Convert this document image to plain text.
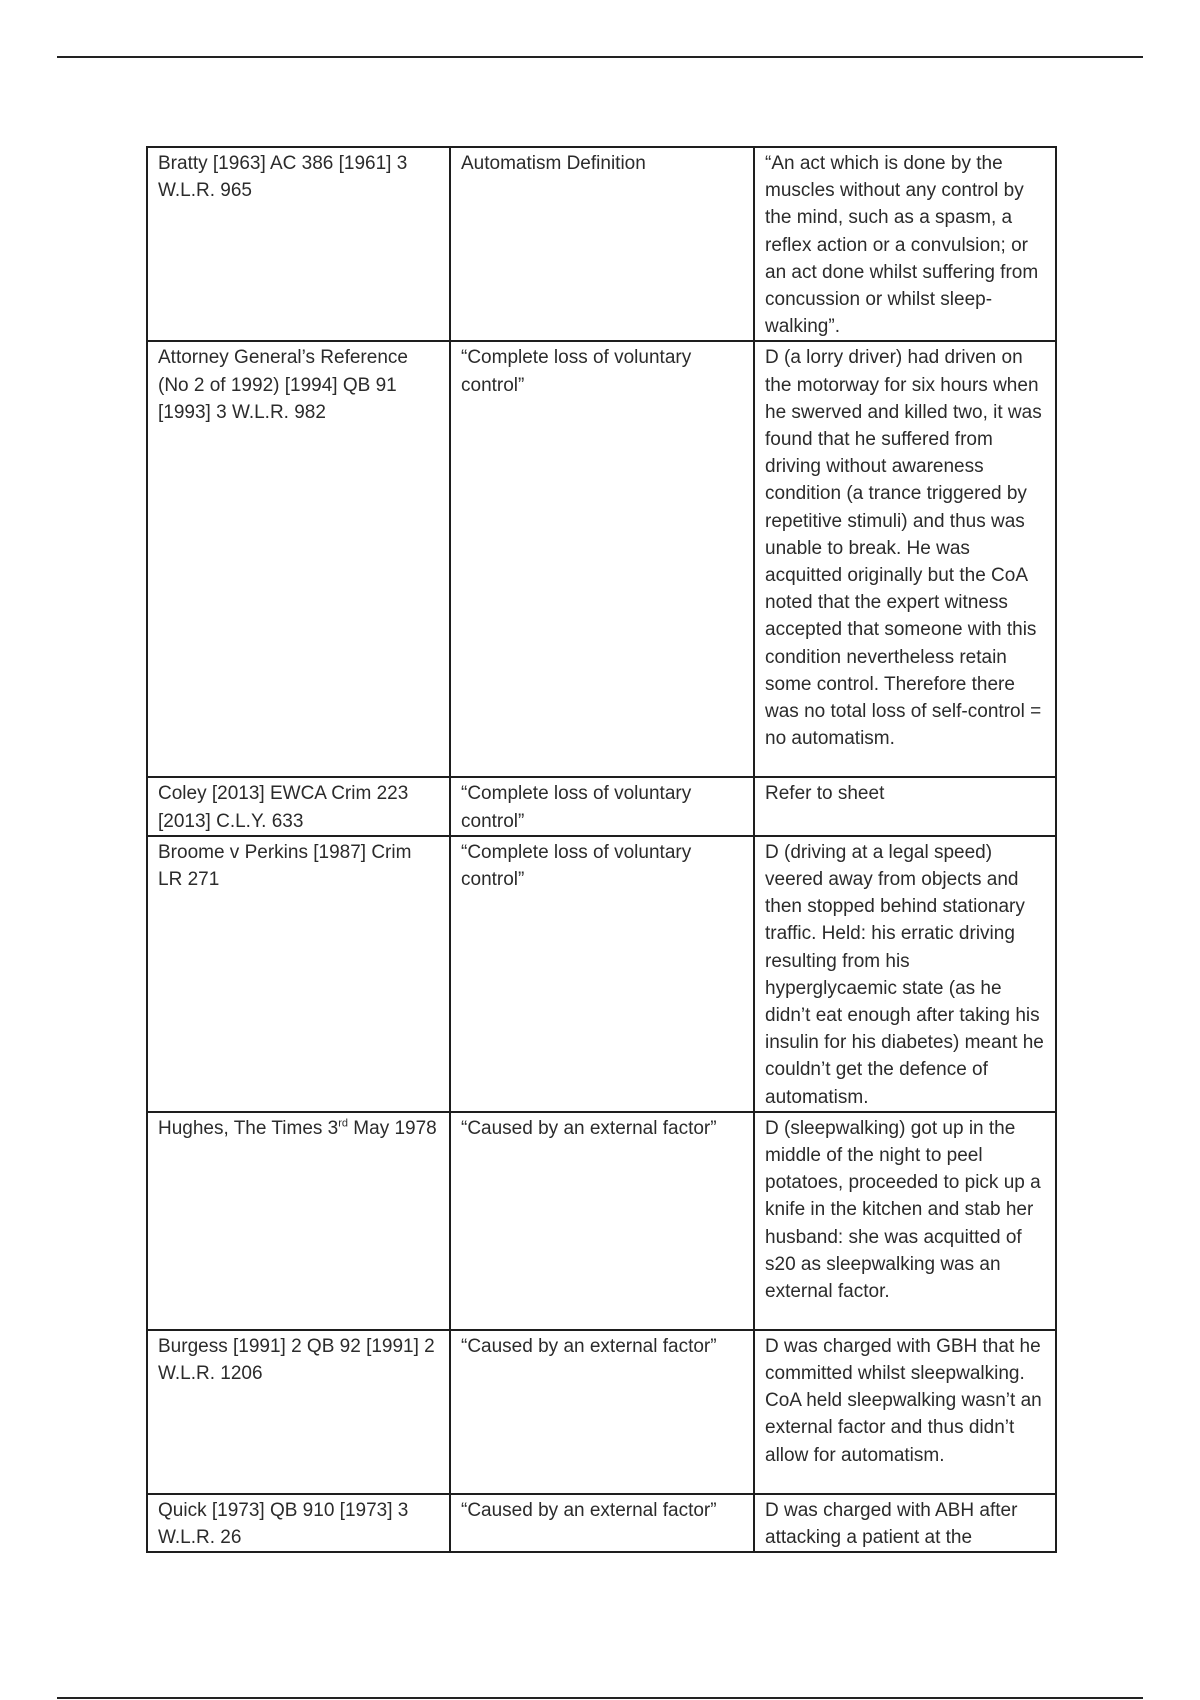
Bratty [1963] AC 386 [1961] 3 W.L.R. 965	Automatism Definition	“An act which is done by the muscles without any control by the mind, such as a spasm, a reflex action or a convulsion; or an act done whilst suffering from concussion or whilst sleep-walking”.
Attorney General’s Reference (No 2 of 1992) [1994] QB 91 [1993] 3 W.L.R. 982	“Complete loss of voluntary control”	D (a lorry driver) had driven on the motorway for six hours when he swerved and killed two, it was found that he suffered from driving without awareness condition (a trance triggered by repetitive stimuli) and thus was unable to break. He was acquitted originally but the CoA noted that the expert witness accepted that someone with this condition nevertheless retain some control. Therefore there was no total loss of self-control = no automatism.
Coley [2013] EWCA Crim 223 [2013] C.L.Y. 633	“Complete loss of voluntary control”	Refer to sheet
Broome v Perkins [1987] Crim LR 271	“Complete loss of voluntary control”	D (driving at a legal speed) veered away from objects and then stopped behind stationary traffic. Held: his erratic driving resulting from his hyperglycaemic state (as he didn’t eat enough after taking his insulin for his diabetes) meant he couldn’t get the defence of automatism.
Hughes, The Times 3rd May 1978	“Caused by an external factor”	D (sleepwalking) got up in the middle of the night to peel potatoes, proceeded to pick up a knife in the kitchen and stab her husband: she was acquitted of s20 as sleepwalking was an external factor.
Burgess [1991] 2 QB 92 [1991] 2 W.L.R. 1206	“Caused by an external factor”	D was charged with GBH that he committed whilst sleepwalking. CoA held sleepwalking wasn’t an external factor and thus didn’t allow for automatism.
Quick [1973] QB 910 [1973] 3 W.L.R. 26	“Caused by an external factor”	D was charged with ABH after attacking a patient at the
